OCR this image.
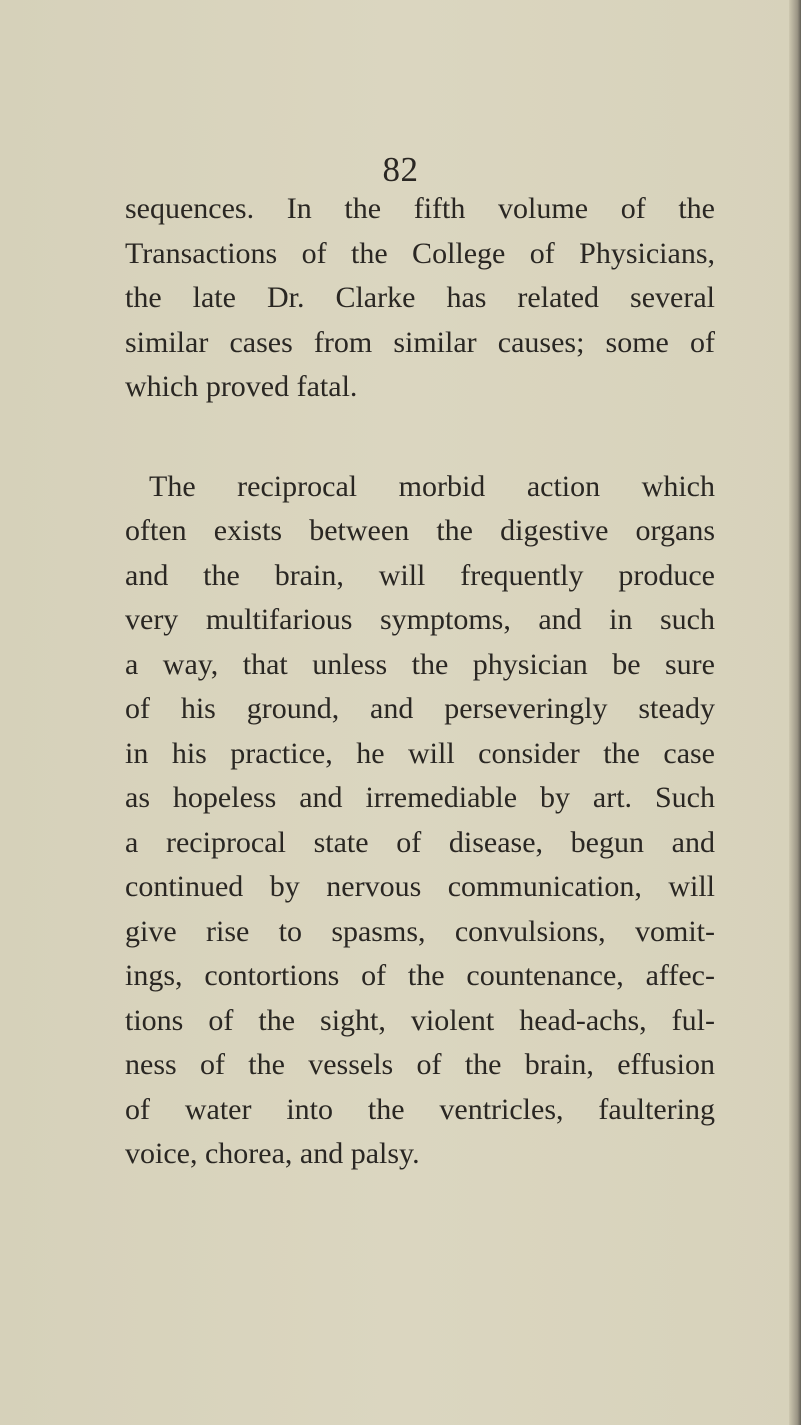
82
sequences. In the fifth volume of the
Transactions of the College of Physicians,
the late Dr. Clarke has related several
similar cases from similar causes; some of
which proved fatal.
The reciprocal morbid action which
often exists between the digestive organs
and the brain, will frequently produce
very multifarious symptoms, and in such
a way, that unless the physician be sure
of his ground, and perseveringly steady
in his practice, he will consider the case
as hopeless and irremediable by art. Such
a reciprocal state of disease, begun and
continued by nervous communication, will
give rise to spasms, convulsions, vomit-
ings, contortions of the countenance, affec-
tions of the sight, violent head-achs, ful-
ness of the vessels of the brain, effusion
of water into the ventricles, faultering
voice, chorea, and palsy.
